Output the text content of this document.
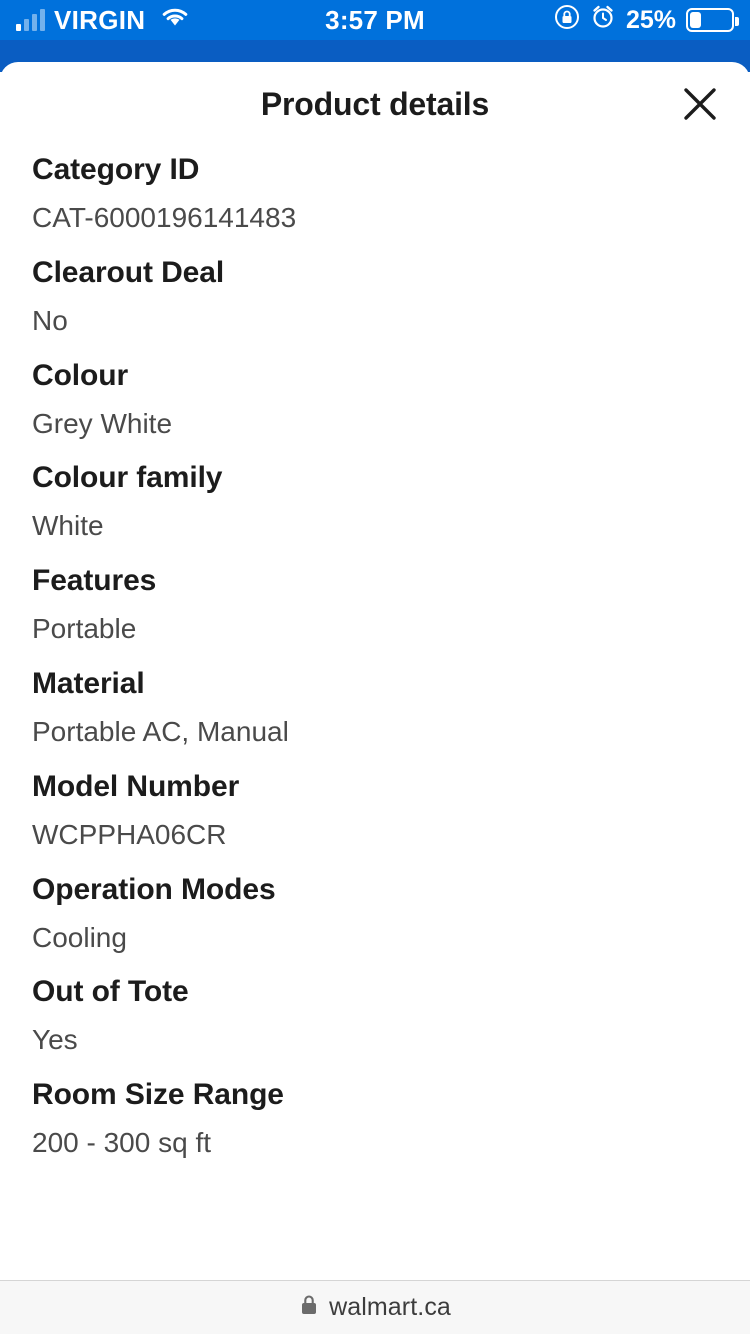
VIRGIN	3:57 PM	25%
Product details
Category ID
CAT-6000196141483
Clearout Deal
No
Colour
Grey White
Colour family
White
Features
Portable
Material
Portable AC, Manual
Model Number
WCPPHA06CR
Operation Modes
Cooling
Out of Tote
Yes
Room Size Range
200 - 300 sq ft
walmart.ca
